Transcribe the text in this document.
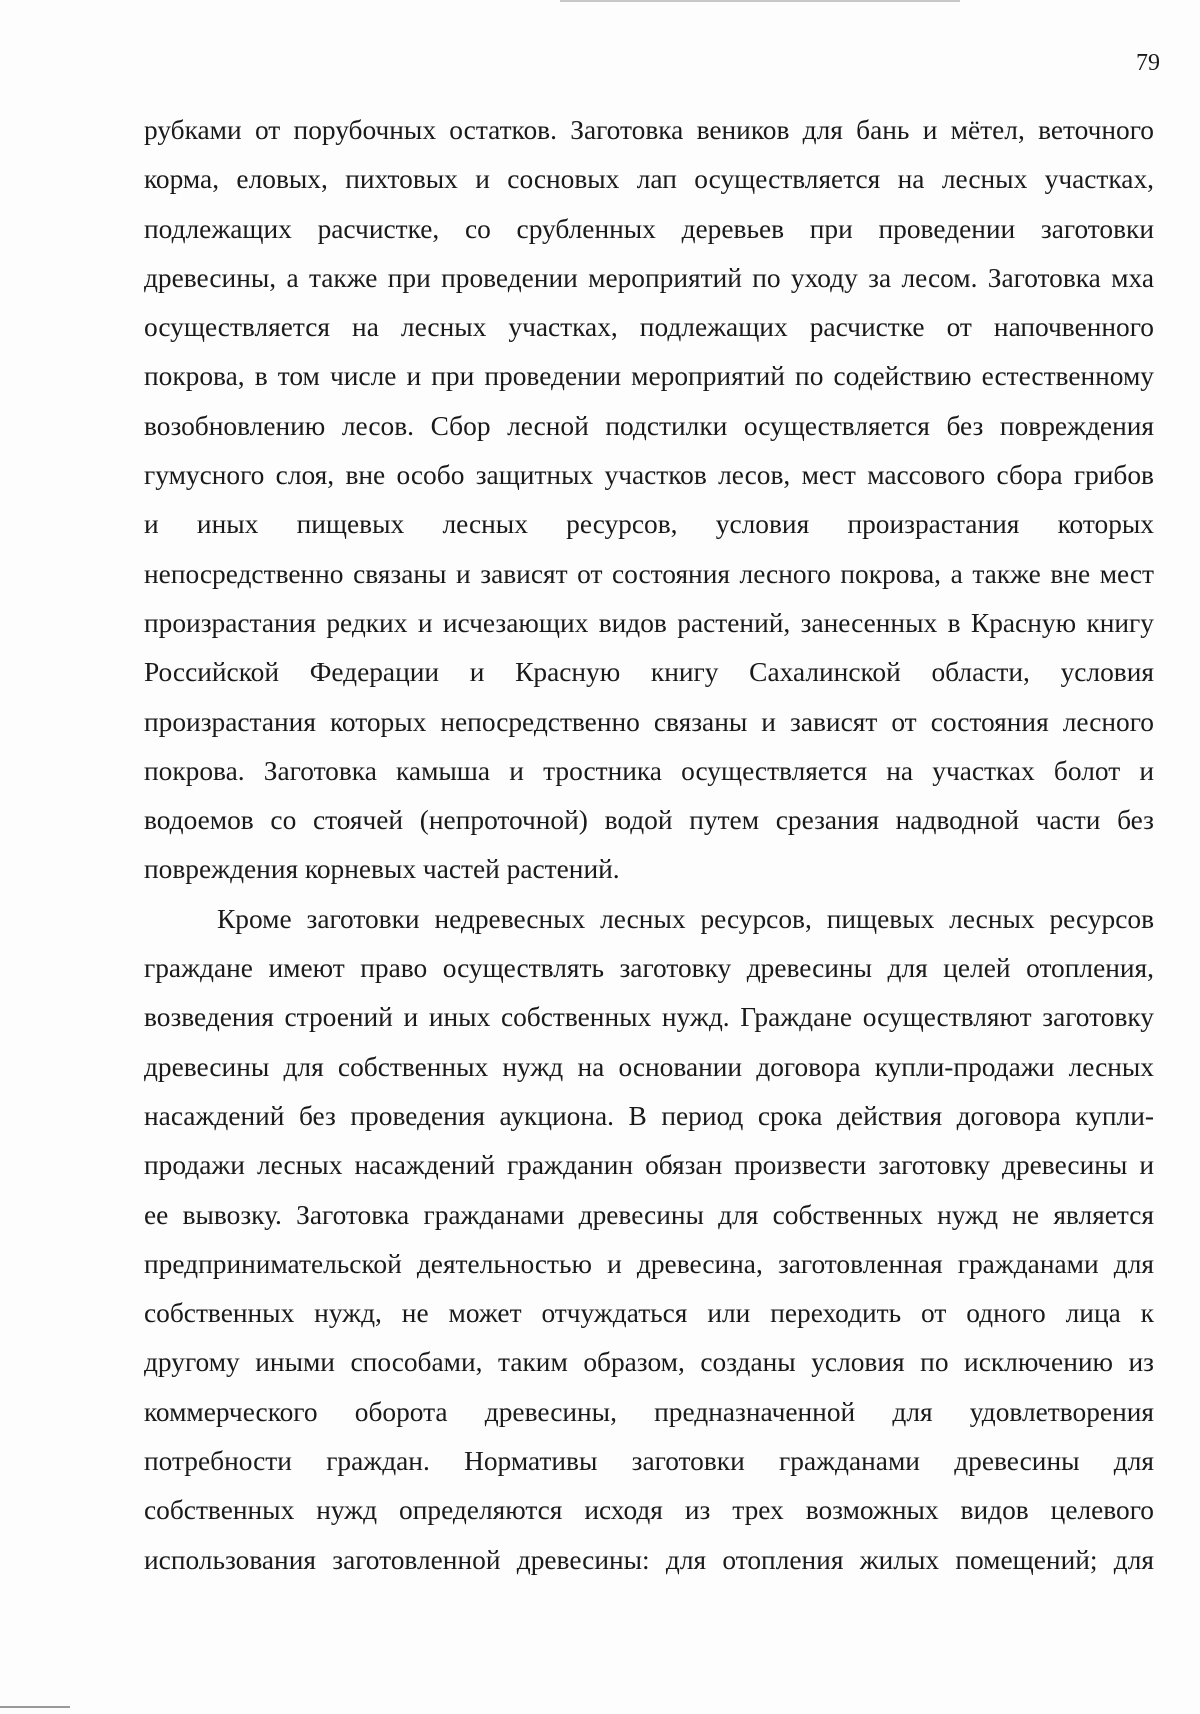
79

рубками от порубочных остатков. Заготовка веников для бань и мётел, веточного
корма, еловых, пихтовых и сосновых лап осуществляется на лесных участках,
подлежащих расчистке, со срубленных деревьев при проведении заготовки
древесины, а также при проведении мероприятий по уходу за лесом. Заготовка мха
осуществляется на лесных участках, подлежащих расчистке от напочвенного
покрова, в том числе и при проведении мероприятий по содействию естественному
возобновлению лесов. Сбор лесной подстилки осуществляется без повреждения
гумусного слоя, вне особо защитных участков лесов, мест массового сбора грибов
и иных пищевых лесных ресурсов, условия произрастания которых
непосредственно связаны и зависят от состояния лесного покрова, а также вне мест
произрастания редких и исчезающих видов растений, занесенных в Красную книгу
Российской Федерации и Красную книгу Сахалинской области, условия
произрастания которых непосредственно связаны и зависят от состояния лесного
покрова. Заготовка камыша и тростника осуществляется на участках болот и
водоемов со стоячей (непроточной) водой путем срезания надводной части без
повреждения корневых частей растений.

Кроме заготовки недревесных лесных ресурсов, пищевых лесных ресурсов
граждане имеют право осуществлять заготовку древесины для целей отопления,
возведения строений и иных собственных нужд. Граждане осуществляют заготовку
древесины для собственных нужд на основании договора купли-продажи лесных
насаждений без проведения аукциона. В период срока действия договора купли-
продажи лесных насаждений гражданин обязан произвести заготовку древесины и
ее вывозку. Заготовка гражданами древесины для собственных нужд не является
предпринимательской деятельностью и древесина, заготовленная гражданами для
собственных нужд, не может отчуждаться или переходить от одного лица к
другому иными способами, таким образом, созданы условия по исключению из
коммерческого оборота древесины, предназначенной для удовлетворения
потребности граждан. Нормативы заготовки гражданами древесины для
собственных нужд определяются исходя из трех возможных видов целевого
использования заготовленной древесины: для отопления жилых помещений; для
